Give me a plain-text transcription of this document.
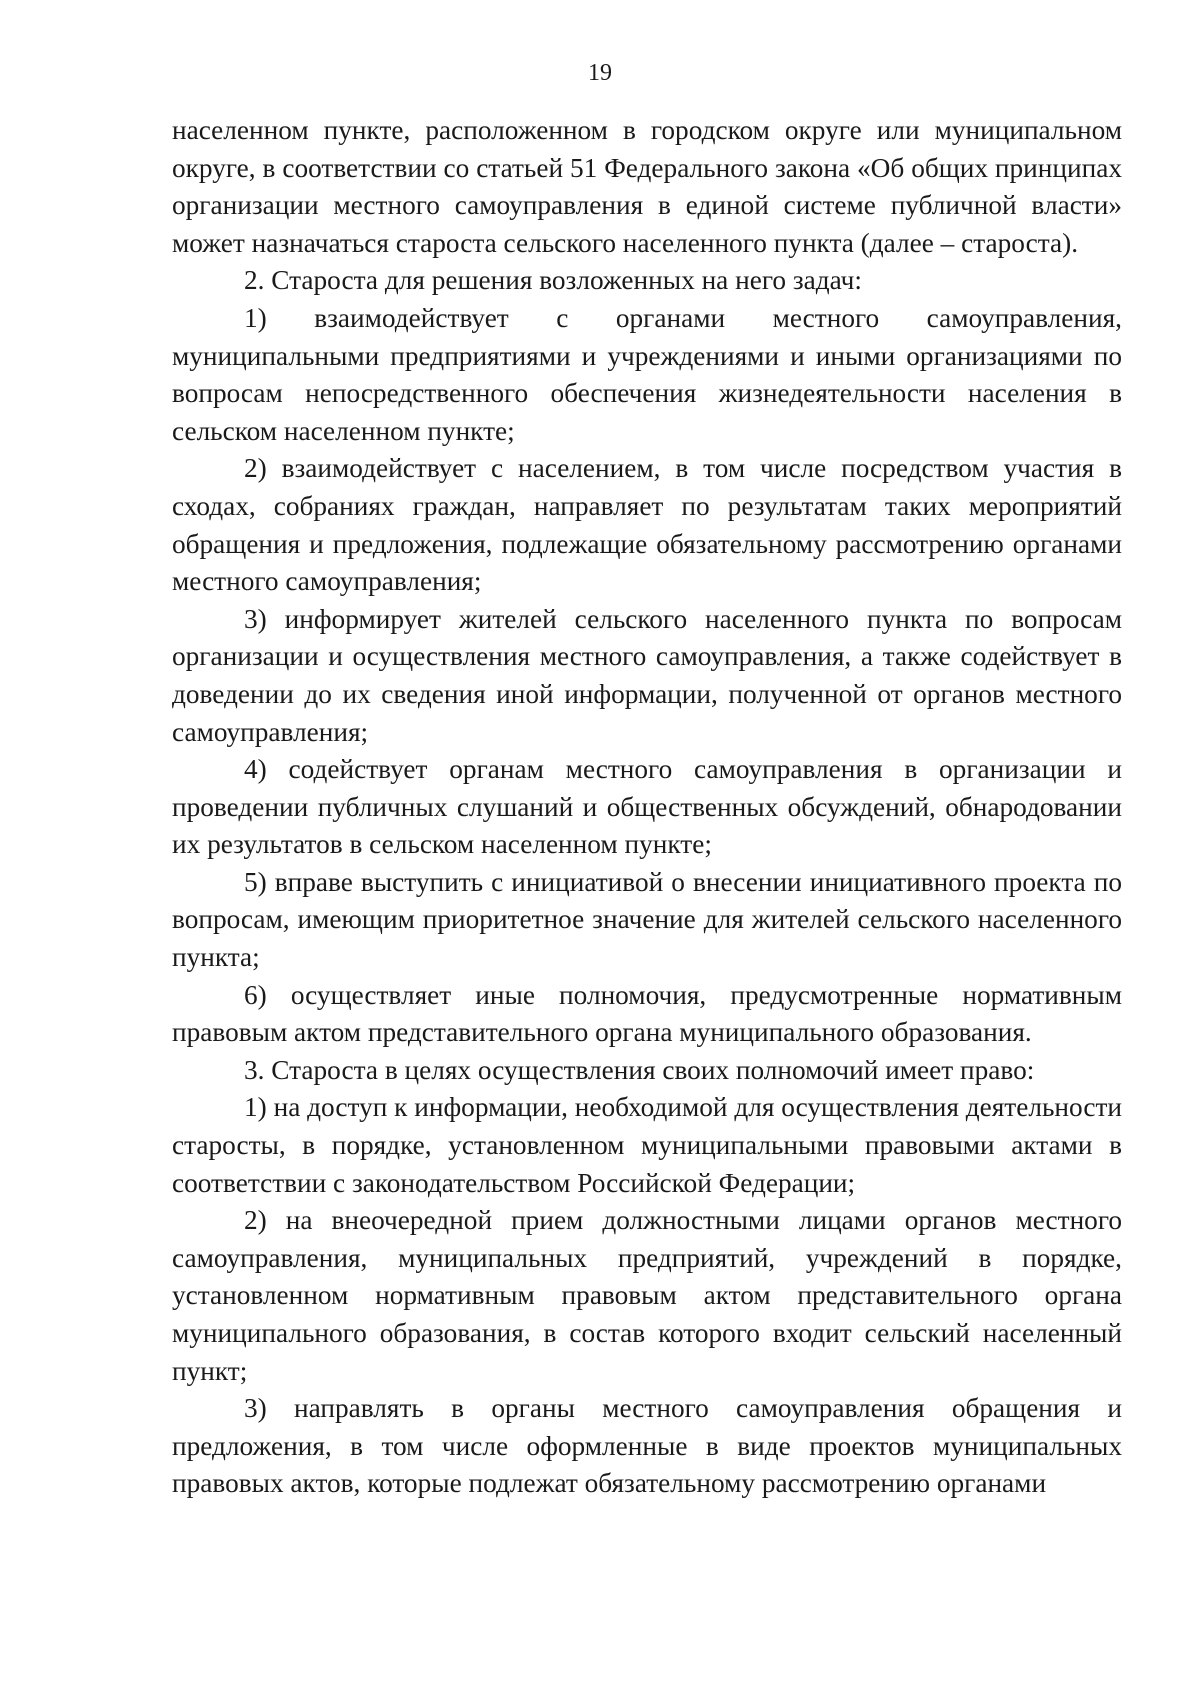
19

населенном пункте, расположенном в городском округе или муниципальном округе, в соответствии со статьей 51 Федерального закона «Об общих принципах организации местного самоуправления в единой системе публичной власти» может назначаться староста сельского населенного пункта (далее – староста).

2. Староста для решения возложенных на него задач:

1) взаимодействует с органами местного самоуправления, муниципальными предприятиями и учреждениями и иными организациями по вопросам непосредственного обеспечения жизнедеятельности населения в сельском населенном пункте;

2) взаимодействует с населением, в том числе посредством участия в сходах, собраниях граждан, направляет по результатам таких мероприятий обращения и предложения, подлежащие обязательному рассмотрению органами местного самоуправления;

3) информирует жителей сельского населенного пункта по вопросам организации и осуществления местного самоуправления, а также содействует в доведении до их сведения иной информации, полученной от органов местного самоуправления;

4) содействует органам местного самоуправления в организации и проведении публичных слушаний и общественных обсуждений, обнародовании их результатов в сельском населенном пункте;

5) вправе выступить с инициативой о внесении инициативного проекта по вопросам, имеющим приоритетное значение для жителей сельского населенного пункта;

6) осуществляет иные полномочия, предусмотренные нормативным правовым актом представительного органа муниципального образования.

3. Староста в целях осуществления своих полномочий имеет право:

1) на доступ к информации, необходимой для осуществления деятельности старосты, в порядке, установленном муниципальными правовыми актами в соответствии с законодательством Российской Федерации;

2) на внеочередной прием должностными лицами органов местного самоуправления, муниципальных предприятий, учреждений в порядке, установленном нормативным правовым актом представительного органа муниципального образования, в состав которого входит сельский населенный пункт;

3) направлять в органы местного самоуправления обращения и предложения, в том числе оформленные в виде проектов муниципальных правовых актов, которые подлежат обязательному рассмотрению органами
